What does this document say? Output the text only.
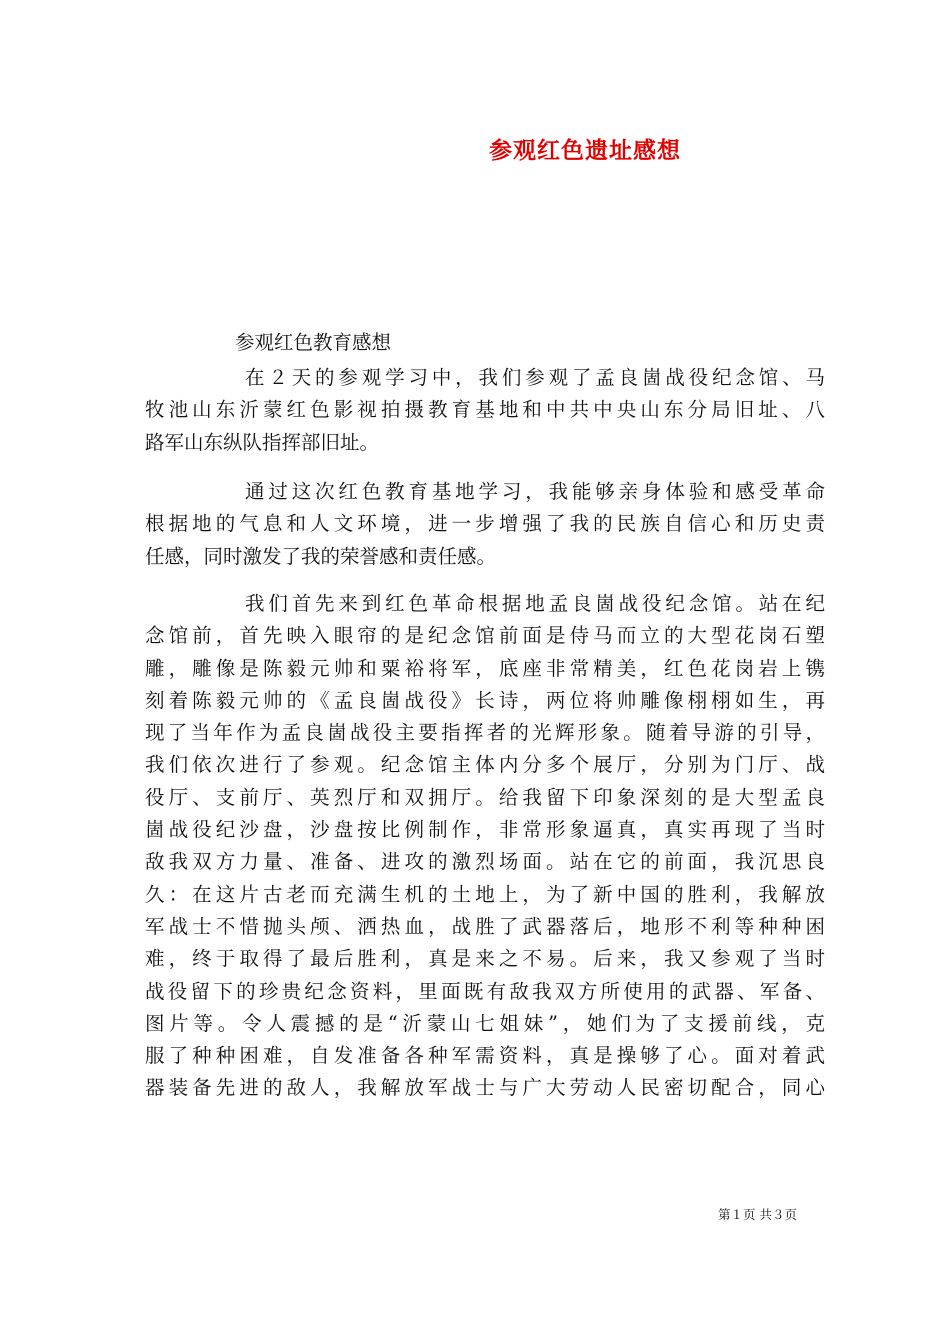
参观红色遗址感想
参观红色教育感想
在２天的参观学习中，我们参观了孟良崮战役纪念馆、马
牧池山东沂蒙红色影视拍摄教育基地和中共中央山东分局旧址、八
路军山东纵队指挥部旧址。
通过这次红色教育基地学习，我能够亲身体验和感受革命
根据地的气息和人文环境，进一步增强了我的民族自信心和历史责
任感，同时激发了我的荣誉感和责任感。
我们首先来到红色革命根据地孟良崮战役纪念馆。站在纪
念馆前，首先映入眼帘的是纪念馆前面是侍马而立的大型花岗石塑
雕，雕像是陈毅元帅和粟裕将军，底座非常精美，红色花岗岩上镌
刻着陈毅元帅的《孟良崮战役》长诗，两位将帅雕像栩栩如生，再
现了当年作为孟良崮战役主要指挥者的光辉形象。随着导游的引导，
我们依次进行了参观。纪念馆主体内分多个展厅，分别为门厅、战
役厅、支前厅、英烈厅和双拥厅。给我留下印象深刻的是大型孟良
崮战役纪沙盘，沙盘按比例制作，非常形象逼真，真实再现了当时
敌我双方力量、准备、进攻的激烈场面。站在它的前面，我沉思良
久：在这片古老而充满生机的土地上，为了新中国的胜利，我解放
军战士不惜抛头颅、洒热血，战胜了武器落后，地形不利等种种困
难，终于取得了最后胜利，真是来之不易。后来，我又参观了当时
战役留下的珍贵纪念资料，里面既有敌我双方所使用的武器、军备、
图片等。令人震撼的是“沂蒙山七姐妹”，她们为了支援前线，克
服了种种困难，自发准备各种军需资料，真是操够了心。面对着武
器装备先进的敌人，我解放军战士与广大劳动人民密切配合，同心
第１页 共３页
